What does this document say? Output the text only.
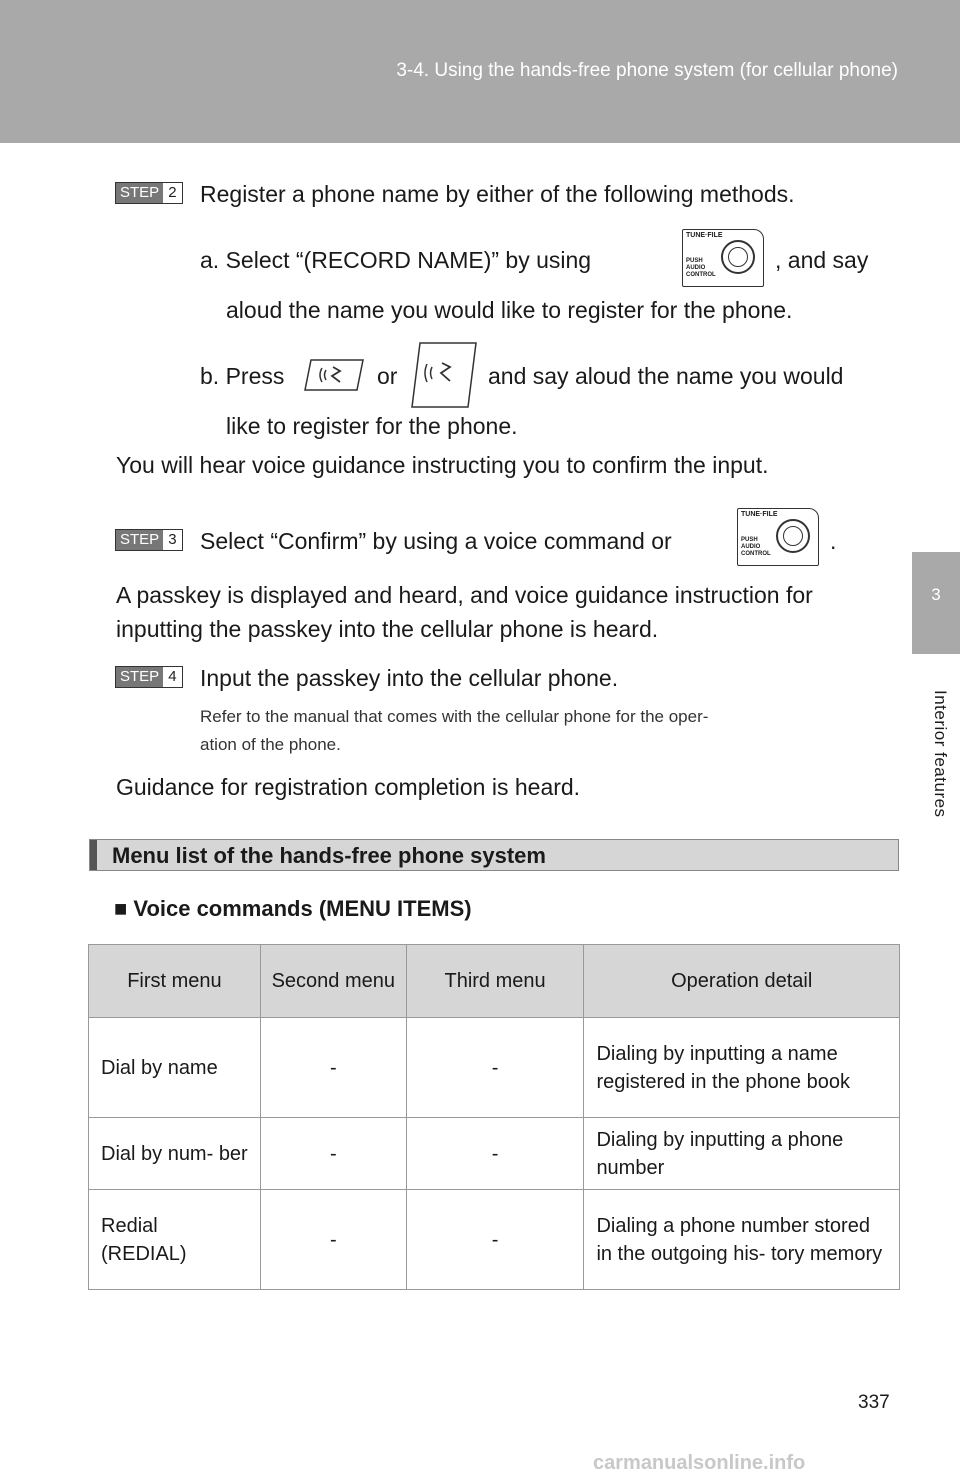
3-4. Using the hands-free phone system (for cellular phone)
3
Interior features
STEP 2 Register a phone name by either of the following methods.
a. Select “(RECORD NAME)” by using
TUNE·FILE
PUSH
AUDIO
CONTROL
, and say
aloud the name you would like to register for the phone.
b. Press	or	and say aloud the name you would
like to register for the phone.
You will hear voice guidance instructing you to confirm the input.
STEP 3 Select “Confirm” by using a voice command or
TUNE·FILE
PUSH
AUDIO
CONTROL	.
A passkey is displayed and heard, and voice guidance instruction for
inputting the passkey into the cellular phone is heard.
STEP 4 Input the passkey into the cellular phone.
Refer to the manual that comes with the cellular phone for the oper-
ation of the phone.
Guidance for registration completion is heard.
Menu list of the hands-free phone system
■ Voice commands (MENU ITEMS)
First menu	Second menu	Third menu	Operation detail
Dial by name	-	-	Dialing by inputting a name registered in the phone book
Dial by num- ber	-	-	Dialing by inputting a phone number
Redial (REDIAL)	-	-	Dialing a phone number stored in the outgoing his- tory memory
337
carmanualsonline.info
